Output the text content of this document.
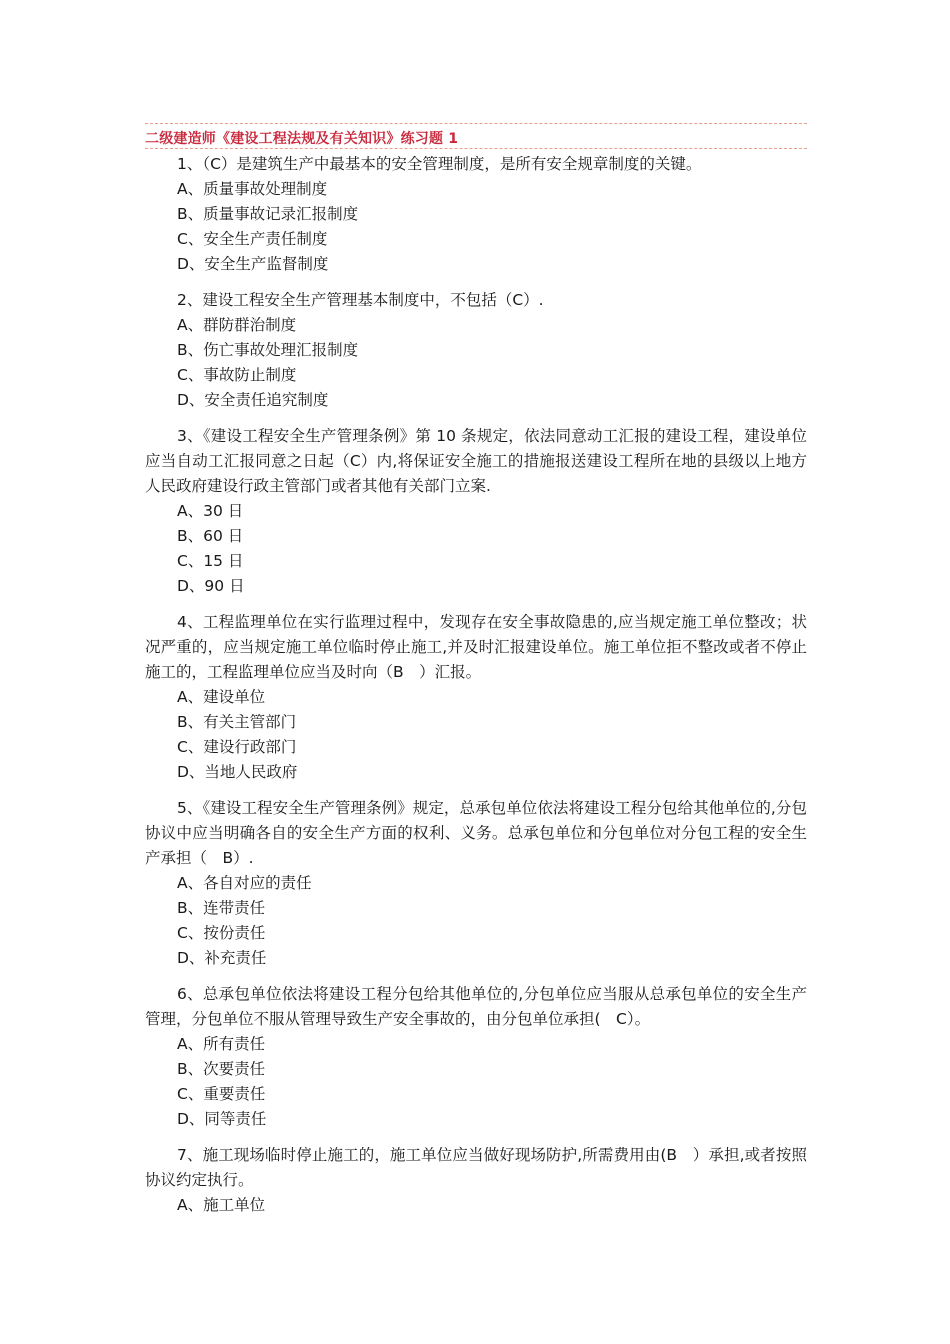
二级建造师《建设工程法规及有关知识》练习题 1
1、（C）是建筑生产中最基本的安全管理制度，是所有安全规章制度的关键。
A、质量事故处理制度
B、质量事故记录汇报制度
C、安全生产责任制度
D、安全生产监督制度
2、建设工程安全生产管理基本制度中，不包括（C）.
A、群防群治制度
B、伤亡事故处理汇报制度
C、事故防止制度
D、安全责任追究制度
3、《建设工程安全生产管理条例》第 10 条规定，依法同意动工汇报的建设工程，建设单位应当自动工汇报同意之日起（C）内,将保证安全施工的措施报送建设工程所在地的县级以上地方人民政府建设行政主管部门或者其他有关部门立案.
A、30 日
B、60 日
C、15 日
D、90 日
4、工程监理单位在实行监理过程中，发现存在安全事故隐患的,应当规定施工单位整改；状况严重的，应当规定施工单位临时停止施工,并及时汇报建设单位。施工单位拒不整改或者不停止施工的，工程监理单位应当及时向（B　）汇报。
A、建设单位
B、有关主管部门
C、建设行政部门
D、当地人民政府
5、《建设工程安全生产管理条例》规定，总承包单位依法将建设工程分包给其他单位的,分包协议中应当明确各自的安全生产方面的权利、义务。总承包单位和分包单位对分包工程的安全生产承担（　B）.
A、各自对应的责任
B、连带责任
C、按份责任
D、补充责任
6、总承包单位依法将建设工程分包给其他单位的,分包单位应当服从总承包单位的安全生产管理，分包单位不服从管理导致生产安全事故的，由分包单位承担(　C）。
A、所有责任
B、次要责任
C、重要责任
D、同等责任
7、施工现场临时停止施工的，施工单位应当做好现场防护,所需费用由(B　）承担,或者按照协议约定执行。
A、施工单位
